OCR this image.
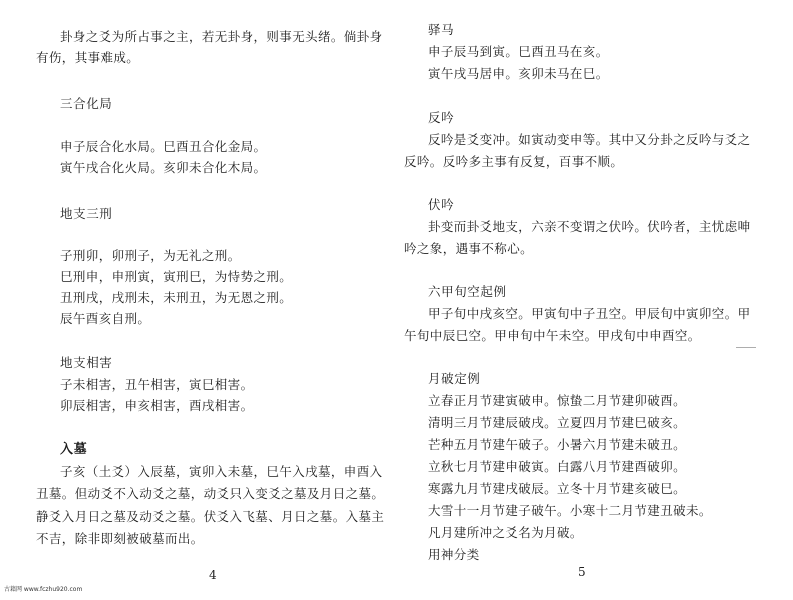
卦身之爻为所占事之主，若无卦身，则事无头绪。倘卦身

有伤，其事难成。

三合化局

申子辰合化水局。巳酉丑合化金局。

寅午戌合化火局。亥卯未合化木局。

地支三刑

子刑卯，卯刑子，为无礼之刑。

巳刑申，申刑寅，寅刑巳，为恃势之刑。

丑刑戌，戌刑未，未刑丑，为无恩之刑。

辰午酉亥自刑。

地支相害

子未相害，丑午相害，寅巳相害。

卯辰相害，申亥相害，酉戌相害。

入墓

子亥（土爻）入辰墓，寅卯入未墓，巳午入戌墓，申酉入

丑墓。但动爻不入动爻之墓，动爻只入变爻之墓及月日之墓。

静爻入月日之墓及动爻之墓。伏爻入飞墓、月日之墓。入墓主

不吉，除非即刻被破墓而出。

4

驿马

申子辰马到寅。巳酉丑马在亥。

寅午戌马居申。亥卯未马在巳。

反吟

反吟是爻变冲。如寅动变申等。其中又分卦之反吟与爻之

反吟。反吟多主事有反复，百事不顺。

伏吟

卦变而卦爻地支，六亲不变谓之伏吟。伏吟者，主忧虑呻

吟之象，遇事不称心。

六甲旬空起例

甲子旬中戌亥空。甲寅旬中子丑空。甲辰旬中寅卯空。甲

午旬中辰巳空。甲申旬中午未空。甲戌旬中申酉空。

月破定例

立春正月节建寅破申。惊蛰二月节建卯破酉。

清明三月节建辰破戌。立夏四月节建巳破亥。

芒种五月节建午破子。小暑六月节建未破丑。

立秋七月节建申破寅。白露八月节建酉破卯。

寒露九月节建戌破辰。立冬十月节建亥破巳。

大雪十一月节建子破午。小寒十二月节建丑破未。

凡月建所冲之爻名为月破。

用神分类

5
古籍网 www.fczhu920.com
